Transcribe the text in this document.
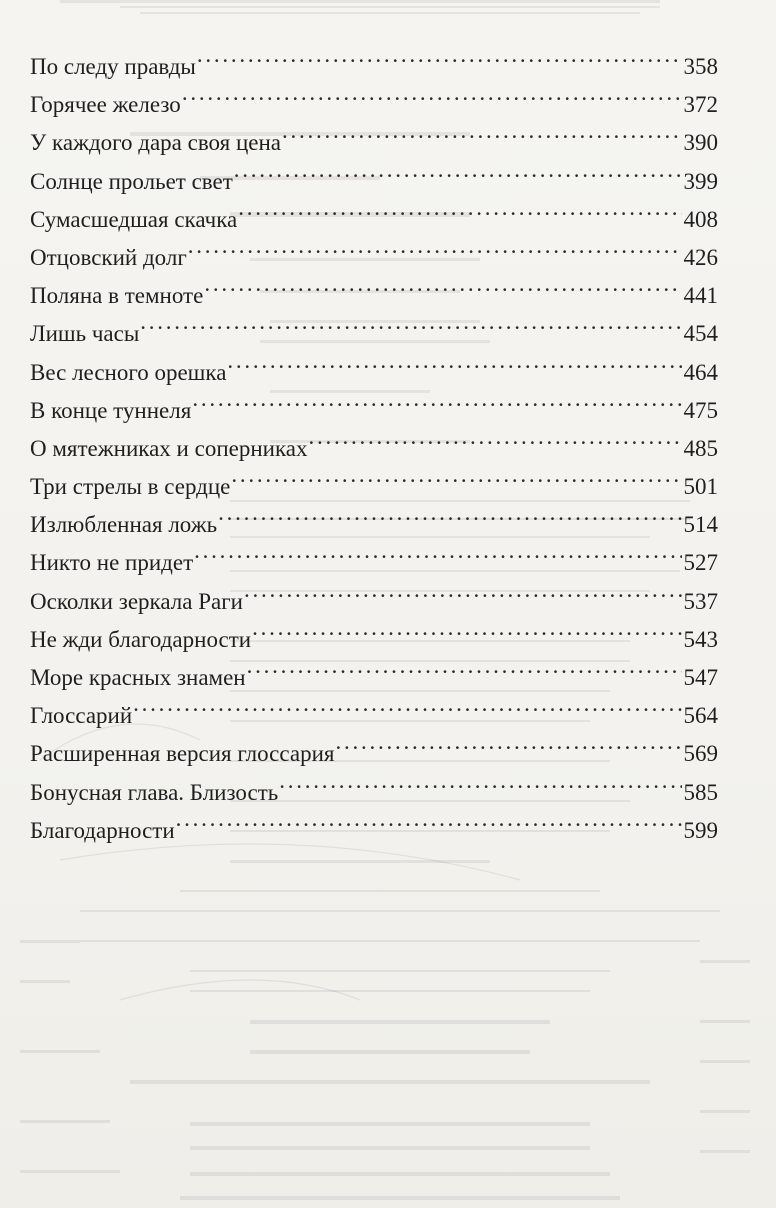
По следу правды . . .	358
Горячее железо . . .	372
У каждого дара своя цена . . .	390
Солнце прольет свет . . .	399
Сумасшедшая скачка . . .	408
Отцовский долг . . .	426
Поляна в темноте . . .	441
Лишь часы . . .	454
Вес лесного орешка . . .	464
В конце туннеля . . .	475
О мятежниках и соперниках . . .	485
Три стрелы в сердце . . .	501
Излюбленная ложь . . .	514
Никто не придет . . .	527
Осколки зеркала Раги . . .	537
Не жди благодарности . . .	543
Море красных знамен . . .	547
Глоссарий . . .	564
Расширенная версия глоссария . . .	569
Бонусная глава. Близость . . .	585
Благодарности . . .	599
